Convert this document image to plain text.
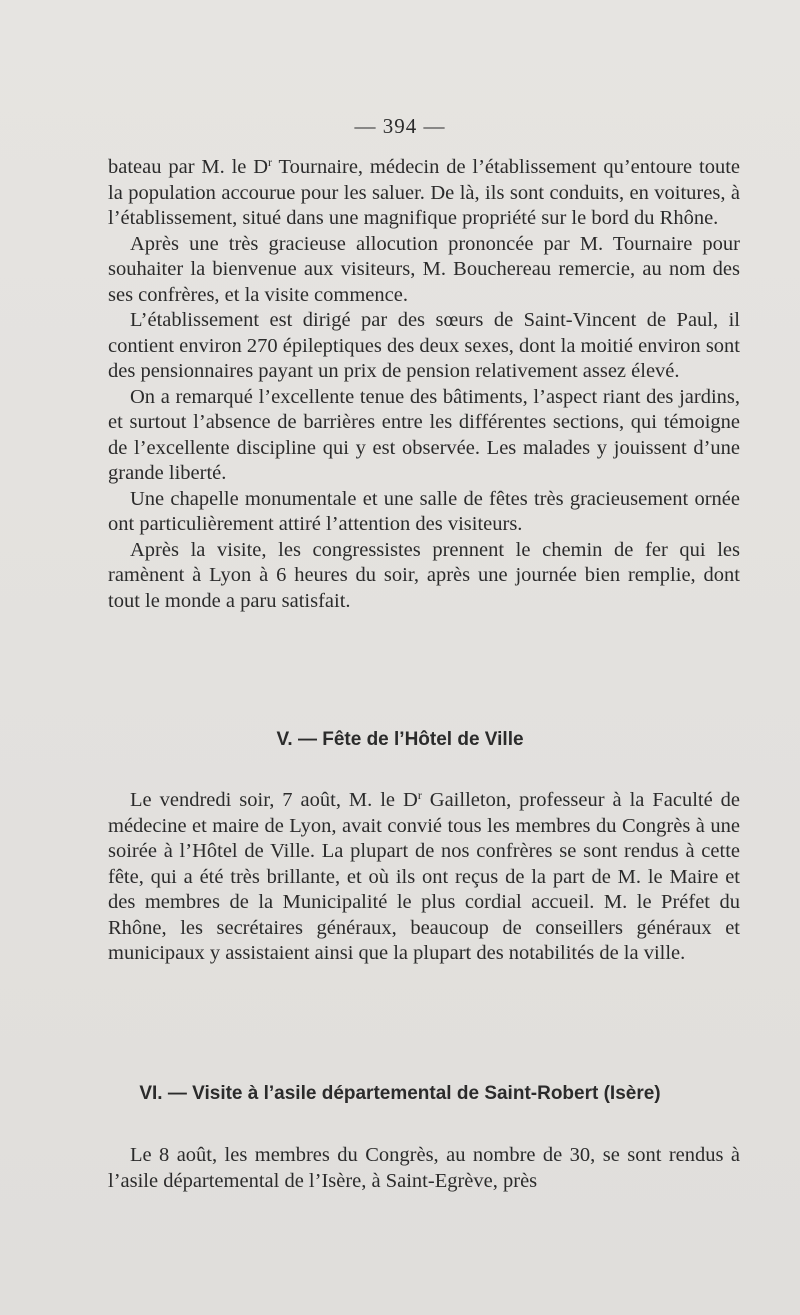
— 394 —

bateau par M. le $D^r$ Tournaire, médecin de l’établissement qu’entoure toute la population accourue pour les saluer. De là, ils sont conduits, en voitures, à l’établissement, situé dans une magnifique propriété sur le bord du Rhône.

Après une très gracieuse allocution prononcée par M. Tournaire pour souhaiter la bienvenue aux visiteurs, M. Bouchereau remercie, au nom des ses confrères, et la visite commence.

L’établissement est dirigé par des sœurs de Saint-Vincent de Paul, il contient environ 270 épileptiques des deux sexes, dont la moitié environ sont des pensionnaires payant un prix de pension relativement assez élevé.

On a remarqué l’excellente tenue des bâtiments, l’aspect riant des jardins, et surtout l’absence de barrières entre les différentes sections, qui témoigne de l’excellente discipline qui y est observée. Les malades y jouissent d’une grande liberté.

Une chapelle monumentale et une salle de fêtes très gracieusement ornée ont particulièrement attiré l’attention des visiteurs.

Après la visite, les congressistes prennent le chemin de fer qui les ramènent à Lyon à 6 heures du soir, après une journée bien remplie, dont tout le monde a paru satisfait.

V. — Fête de l’Hôtel de Ville

Le vendredi soir, 7 août, M. le $D^r$ Gailleton, professeur à la Faculté de médecine et maire de Lyon, avait convié tous les membres du Congrès à une soirée à l’Hôtel de Ville. La plupart de nos confrères se sont rendus à cette fête, qui a été très brillante, et où ils ont reçus de la part de M. le Maire et des membres de la Municipalité le plus cordial accueil. M. le Préfet du Rhône, les secrétaires généraux, beaucoup de conseillers généraux et municipaux y assistaient ainsi que la plupart des notabilités de la ville.

VI. — Visite à l’asile départemental de Saint-Robert (Isère)

Le 8 août, les membres du Congrès, au nombre de 30, se sont rendus à l’asile départemental de l’Isère, à Saint-Egrève, près
